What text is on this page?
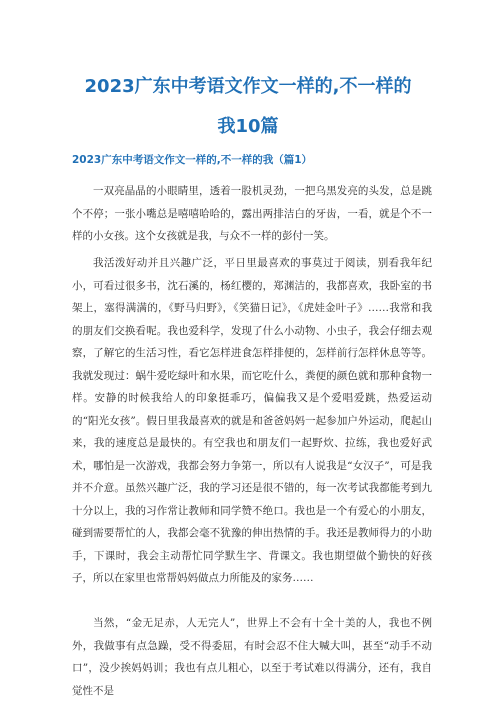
2023广东中考语文作文一样的,不一样的
我10篇
2023广东中考语文作文一样的,不一样的我（篇1）

一双亮晶晶的小眼睛里，透着一股机灵劲，一把乌黑发亮的头发，总是跳个不停；一张小嘴总是嘻嘻哈哈的，露出两排洁白的牙齿，一看，就是个不一样的小女孩。这个女孩就是我，与众不一样的彭付一笑。

我活泼好动并且兴趣广泛，平日里最喜欢的事莫过于阅读，别看我年纪小，可看过很多书，沈石溪的，杨红樱的，郑渊洁的，我都喜欢，我卧室的书架上，塞得满满的，《野马归野》，《笑猫日记》，《虎娃金叶子》……我常和我的朋友们交换看呢。我也爱科学，发现了什么小动物、小虫子，我会仔细去观察，了解它的生活习性，看它怎样进食怎样排便的，怎样前行怎样休息等等。我就发现过：蜗牛爱吃绿叶和水果，而它吃什么，粪便的颜色就和那种食物一样。安静的时候我给人的印象挺乖巧，偏偏我又是个爱唱爱跳，热爱运动的“阳光女孩”。假日里我最喜欢的就是和爸爸妈妈一起参加户外运动，爬起山来，我的速度总是最快的。有空我也和朋友们一起野炊、拉练，我也爱好武术，哪怕是一次游戏，我都会努力争第一，所以有人说我是“女汉子”，可是我并不介意。虽然兴趣广泛，我的学习还是很不错的，每一次考试我都能考到九十分以上，我的习作常让教师和同学赞不绝口。我也是一个有爱心的小朋友，碰到需要帮忙的人，我都会毫不犹豫的伸出热情的手。我还是教师得力的小助手，下课时，我会主动帮忙同学默生字、背课文。我也期望做个勤快的好孩子，所以在家里也常帮妈妈做点力所能及的家务……

当然，“金无足赤，人无完人”，世界上不会有十全十美的人，我也不例外，我做事有点急躁，受不得委屈，有时会忍不住大喊大叫，甚至“动手不动口”，没少挨妈妈训；我也有点儿粗心，以至于考试难以得满分，还有，我自觉性不是
